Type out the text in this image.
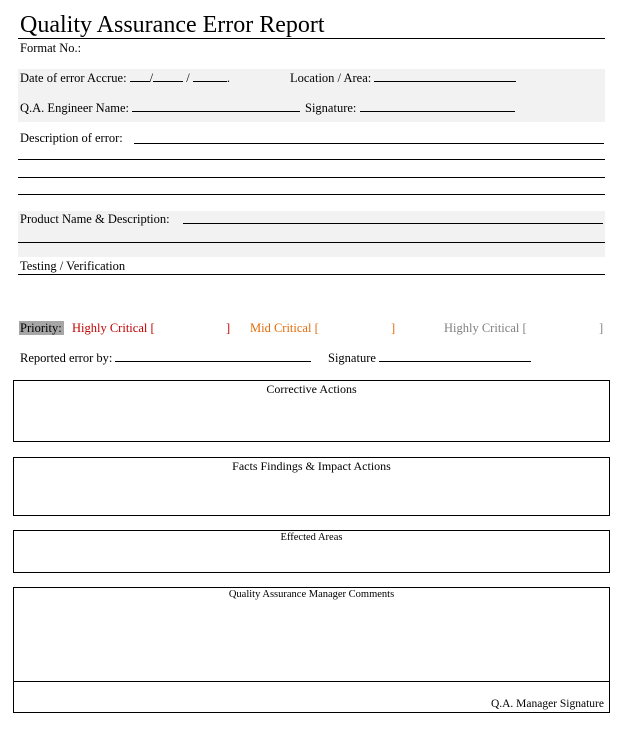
Quality Assurance Error Report
Format No.:
Date of error Accrue: /	/	.	Location / Area:
Q.A. Engineer Name:	Signature:
Description of error:
Product Name & Description:
Testing / Verification
Priority: Highly Critical [	] Mid Critical [	]	Highly Critical [	]
Reported error by:	Signature
Corrective Actions
Facts Findings & Impact Actions
Effected Areas
Quality Assurance Manager Comments
Q.A. Manager Signature
